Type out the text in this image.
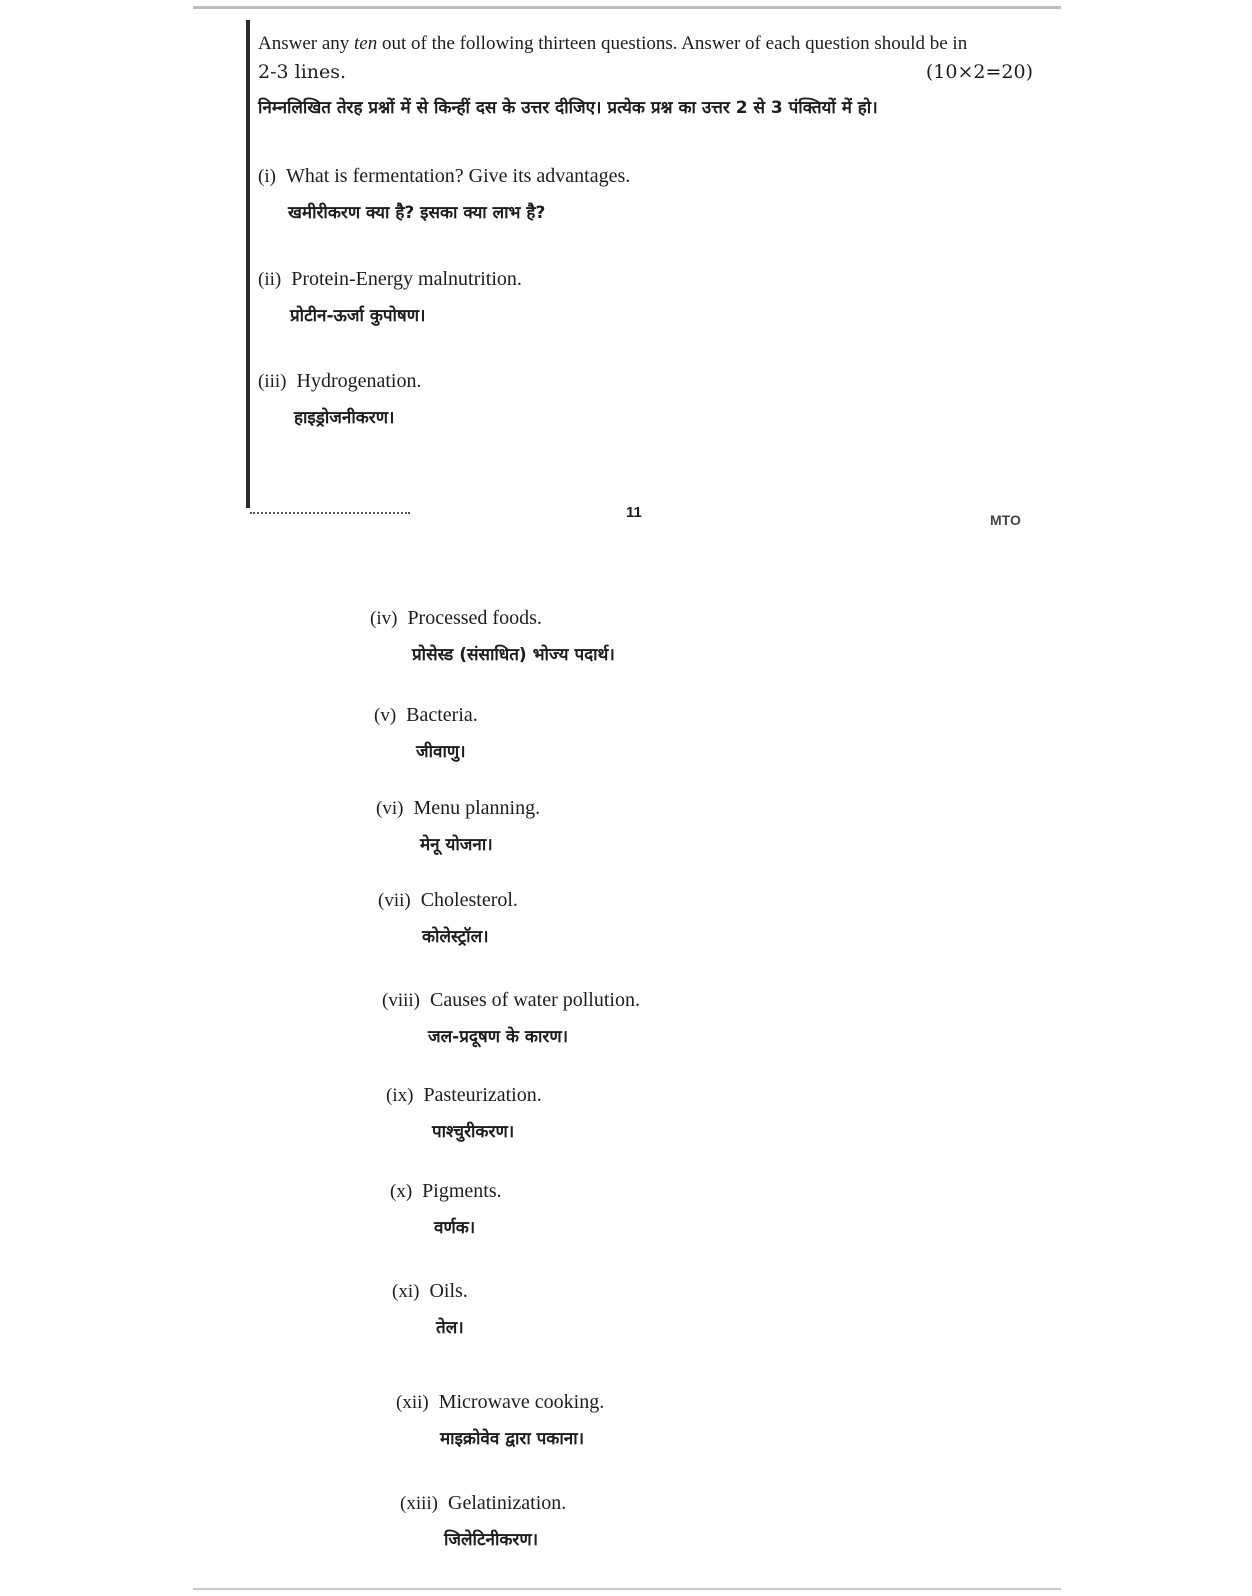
Answer any ten out of the following thirteen questions. Answer of each question should be in
2-3 lines.	(10×2=20)
निम्नलिखित तेरह प्रश्नों में से किन्हीं दस के उत्तर दीजिए। प्रत्येक प्रश्न का उत्तर 2 से 3 पंक्तियों में हो।
(i) What is fermentation? Give its advantages.
खमीरीकरण क्या है? इसका क्या लाभ है?
(ii) Protein-Energy malnutrition.
प्रोटीन-ऊर्जा कुपोषण।
(iii) Hydrogenation.
हाइड्रोजनीकरण।
11	MTO
(iv) Processed foods.
प्रोसेस्ड (संसाधित) भोज्य पदार्थ।
(v) Bacteria.
जीवाणु।
(vi) Menu planning.
मेनू योजना।
(vii) Cholesterol.
कोलेस्ट्रॉल।
(viii) Causes of water pollution.
जल-प्रदूषण के कारण।
(ix) Pasteurization.
पाश्चुरीकरण।
(x) Pigments.
वर्णक।
(xi) Oils.
तेल।
(xii) Microwave cooking.
माइक्रोवेव द्वारा पकाना।
(xiii) Gelatinization.
जिलेटिनीकरण।
